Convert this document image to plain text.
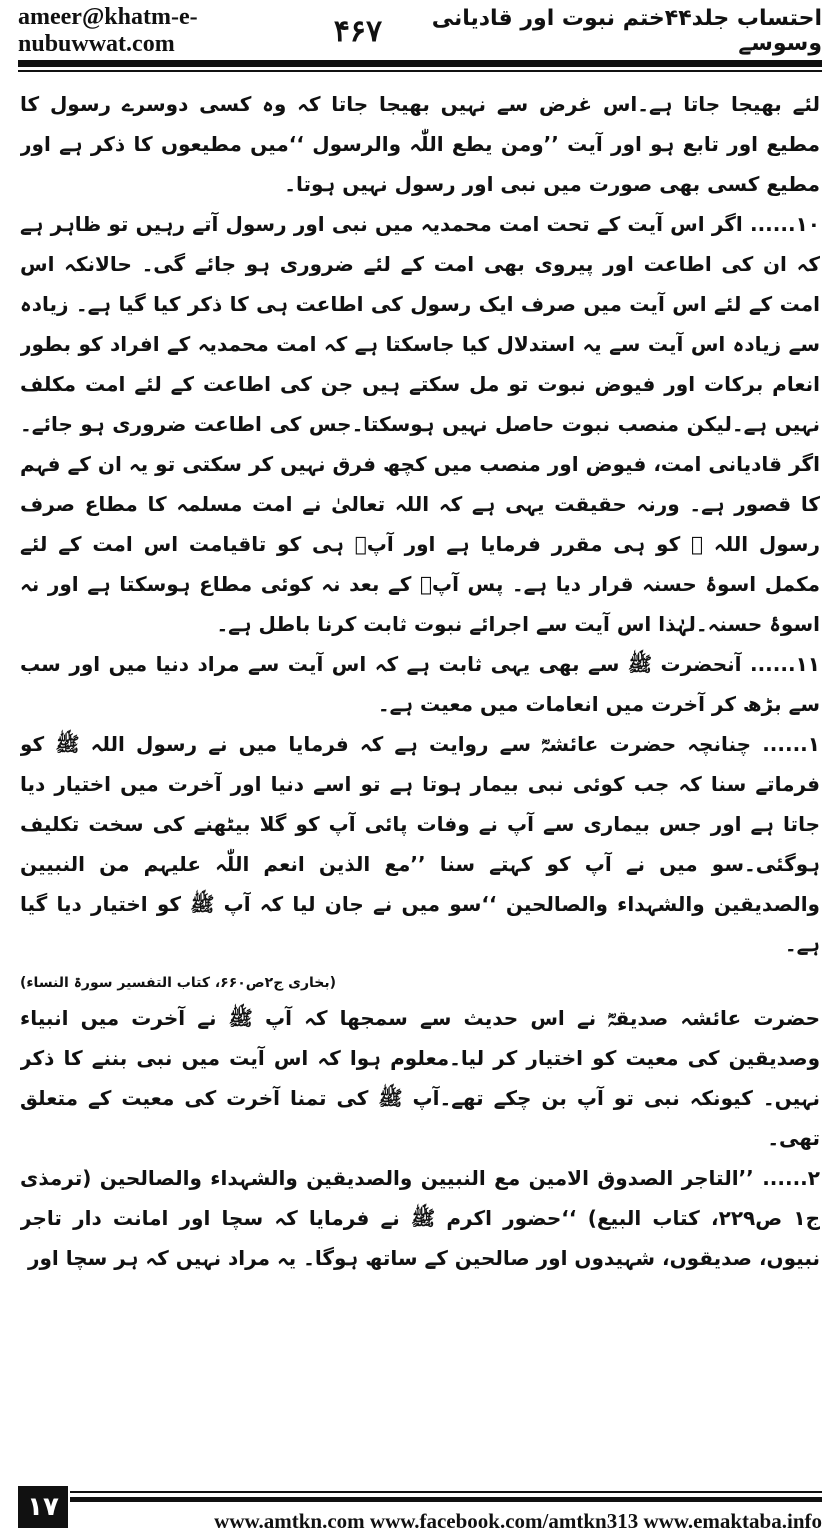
ameer@khatm-e-nubuwwat.com	۴۶۷	احتساب جلد۴۴ختم نبوت اور قادیانی وسوسے

لئے بھیجا جاتا ہے۔اس غرض سے نہیں بھیجا جاتا کہ وہ کسی دوسرے رسول کا مطیع اور تابع ہو اور آیت ’’ومن یطع اللّٰہ والرسول ‘‘میں مطیعوں کا ذکر ہے اور مطیع کسی بھی صورت میں نبی اور رسول نہیں ہوتا۔

۱۰...... اگر اس آیت کے تحت امت محمدیہ میں نبی اور رسول آتے رہیں تو ظاہر ہے کہ ان کی اطاعت اور پیروی بھی امت کے لئے ضروری ہو جائے گی۔ حالانکہ اس امت کے لئے اس آیت میں صرف ایک رسول کی اطاعت ہی کا ذکر کیا گیا ہے۔ زیادہ سے زیادہ اس آیت سے یہ استدلال کیا جاسکتا ہے کہ امت محمدیہ کے افراد کو بطور انعام برکات اور فیوض نبوت تو مل سکتے ہیں جن کی اطاعت کے لئے امت مکلف نہیں ہے۔لیکن منصب نبوت حاصل نہیں ہوسکتا۔جس کی اطاعت ضروری ہو جائے۔ اگر قادیانی امت، فیوض اور منصب میں کچھ فرق نہیں کر سکتی تو یہ ان کے فہم کا قصور ہے۔ ورنہ حقیقت یہی ہے کہ اللہ تعالیٰ نے امت مسلمہ کا مطاع صرف رسول اللہ ﷺ کو ہی مقرر فرمایا ہے اور آپؐ ہی کو تاقیامت اس امت کے لئے مکمل اسوۂ حسنہ قرار دیا ہے۔ پس آپؐ کے بعد نہ کوئی مطاع ہوسکتا ہے اور نہ اسوۂ حسنہ۔لہٰذا اس آیت سے اجرائے نبوت ثابت کرنا باطل ہے۔

۱۱...... آنحضرت ﷺ سے بھی یہی ثابت ہے کہ اس آیت سے مراد دنیا میں اور سب سے بڑھ کر آخرت میں انعامات میں معیت ہے۔

۱...... چنانچہ حضرت عائشہؓ سے روایت ہے کہ فرمایا میں نے رسول اللہ ﷺ کو فرماتے سنا کہ جب کوئی نبی بیمار ہوتا ہے تو اسے دنیا اور آخرت میں اختیار دیا جاتا ہے اور جس بیماری سے آپ نے وفات پائی آپ کو گلا بیٹھنے کی سخت تکلیف ہوگئی۔سو میں نے آپ کو کہتے سنا ’’مع الذین انعم اللّٰہ علیہم من النبیین والصدیقین والشہداء والصالحین ‘‘سو میں نے جان لیا کہ آپ ﷺ کو اختیار دیا گیا ہے۔

(بخاری ج۲ص۶۶۰، کتاب التفسیر سورۃ النساء)

حضرت عائشہ صدیقہؓ نے اس حدیث سے سمجھا کہ آپ ﷺ نے آخرت میں انبیاء وصدیقین کی معیت کو اختیار کر لیا۔معلوم ہوا کہ اس آیت میں نبی بننے کا ذکر نہیں۔ کیونکہ نبی تو آپ بن چکے تھے۔آپ ﷺ کی تمنا آخرت کی معیت کے متعلق تھی۔

۲...... ’’التاجر الصدوق الامین مع النبیین والصدیقین والشہداء والصالحین (ترمذی ج۱ ص۲۲۹، کتاب البیع) ‘‘حضور اکرم ﷺ نے فرمایا کہ سچا اور امانت دار تاجر نبیوں، صدیقوں، شہیدوں اور صالحین کے ساتھ ہوگا۔ یہ مراد نہیں کہ ہر سچا اور

۱۷	www.amtkn.com www.facebook.com/amtkn313 www.emaktaba.info
